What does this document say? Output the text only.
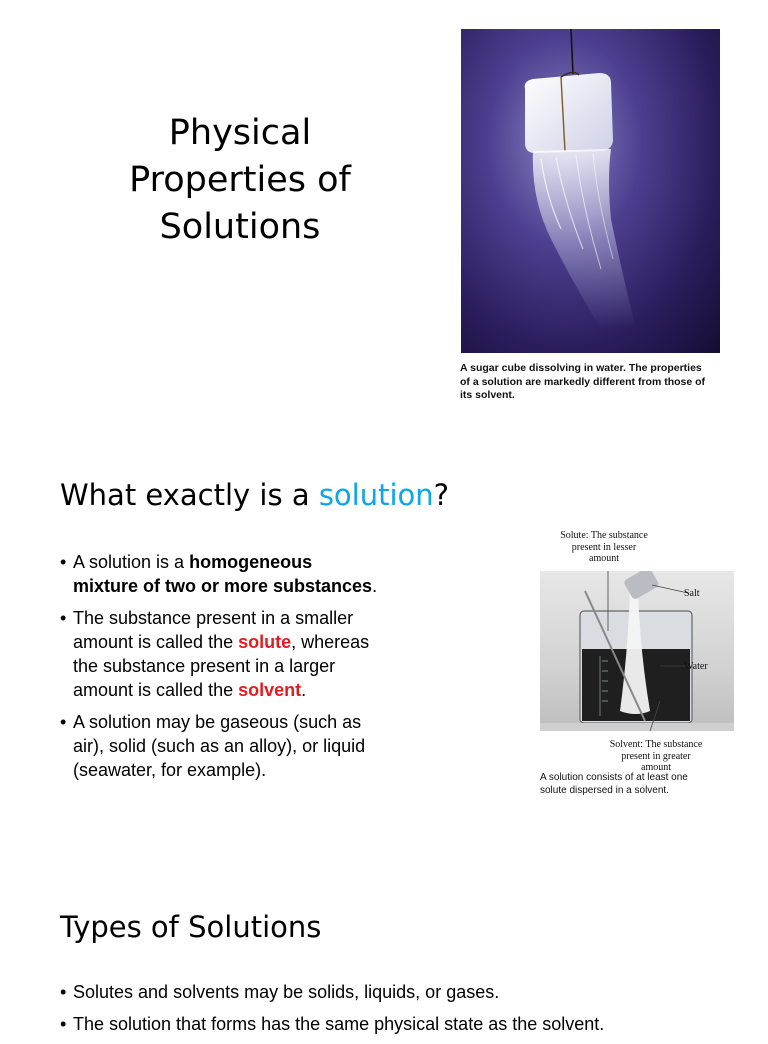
Physical
Properties of
Solutions
A sugar cube dissolving in water. The properties
of a solution are markedly different from those of
its solvent.
What exactly is a solution?
• A solution is a homogeneous
mixture of two or more substances.
• The substance present in a smaller
amount is called the solute, whereas
the substance present in a larger
amount is called the solvent.
• A solution may be gaseous (such as
air), solid (such as an alloy), or liquid
(seawater, for example).
Solute: The substance
present in lesser
amount
Salt
Water
Solvent: The substance
present in greater
amount
A solution consists of at least one
solute dispersed in a solvent.
Types of Solutions
• Solutes and solvents may be solids, liquids, or gases.
• The solution that forms has the same physical state as the solvent.
